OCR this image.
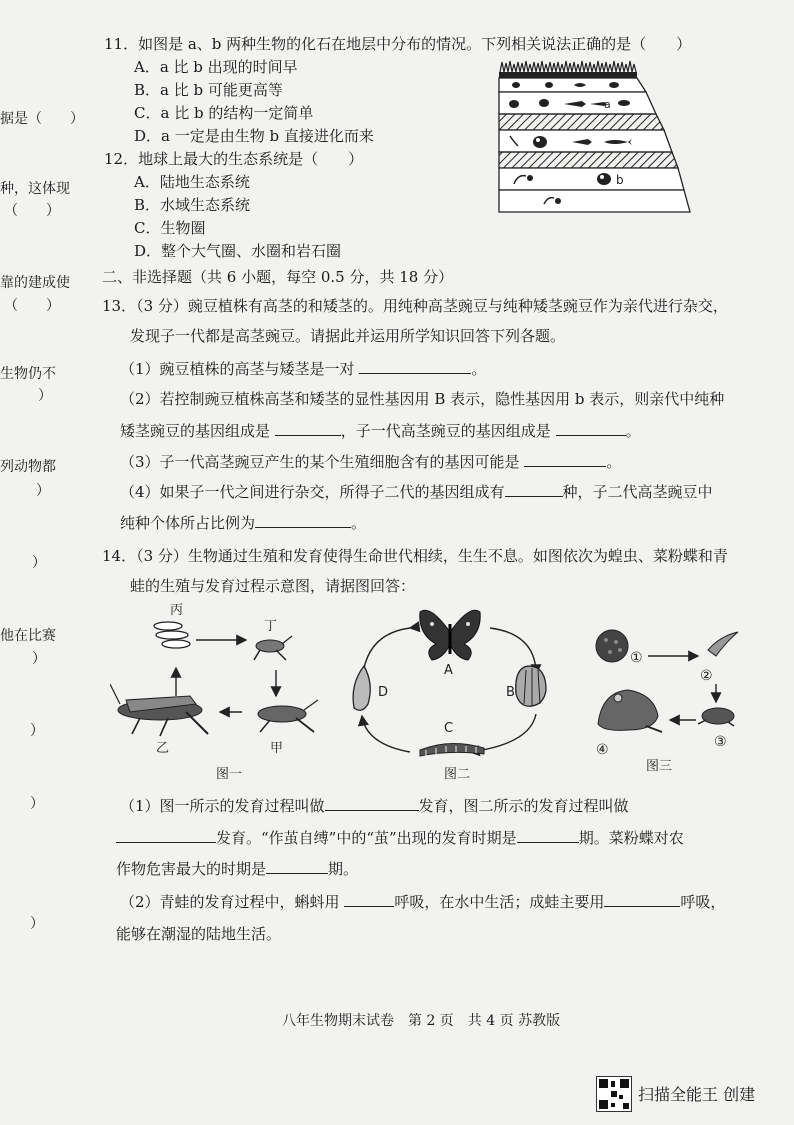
据是（　　）
种，这体现
（　　）
靠的建成使
（　　）
生物仍不
）
列动物都
）
）
他在比赛
）
）
）
）
11．如图是 a、b 两种生物的化石在地层中分布的情况。下列相关说法正确的是（　　）
A．a 比 b 出现的时间早
B．a 比 b 可能更高等
C．a 比 b 的结构一定简单
D．a 一定是由生物 b 直接进化而来
a
b
12．地球上最大的生态系统是（　　）
A．陆地生态系统
B．水域生态系统
C．生物圈
D．整个大气圈、水圈和岩石圈
二、非选择题（共 6 小题，每空 0.5 分，共 18 分）
13．（3 分）豌豆植株有高茎的和矮茎的。用纯种高茎豌豆与纯种矮茎豌豆作为亲代进行杂交，
发现子一代都是高茎豌豆。请据此并运用所学知识回答下列各题。
（1）豌豆植株的高茎与矮茎是一对	。
（2）若控制豌豆植株高茎和矮茎的显性基因用 B 表示，隐性基因用 b 表示，则亲代中纯种
矮茎豌豆的基因组成是	，子一代高茎豌豆的基因组成是	。
（3）子一代高茎豌豆产生的某个生殖细胞含有的基因可能是	。
（4）如果子一代之间进行杂交，所得子二代的基因组成有	种，子二代高茎豌豆中
纯种个体所占比例为	。
14．（3 分）生物通过生殖和发育使得生命世代相续，生生不息。如图依次为蝗虫、菜粉蝶和青
蛙的生殖与发育过程示意图，请据图回答：
丙
丁
甲
乙
图一
A
B
C
D
图二
①
②
③
④
图三
（1）图一所示的发育过程叫做	发育，图二所示的发育过程叫做
发育。“作茧自缚”中的“茧”出现的发育时期是	期。菜粉蝶对农
作物危害最大的时期是	期。
（2）青蛙的发育过程中，蝌蚪用	呼吸，在水中生活；成蛙主要用	呼吸，
能够在潮湿的陆地生活。
八年生物期末试卷　第 2 页　共 4 页 苏教版
扫描全能王 创建
